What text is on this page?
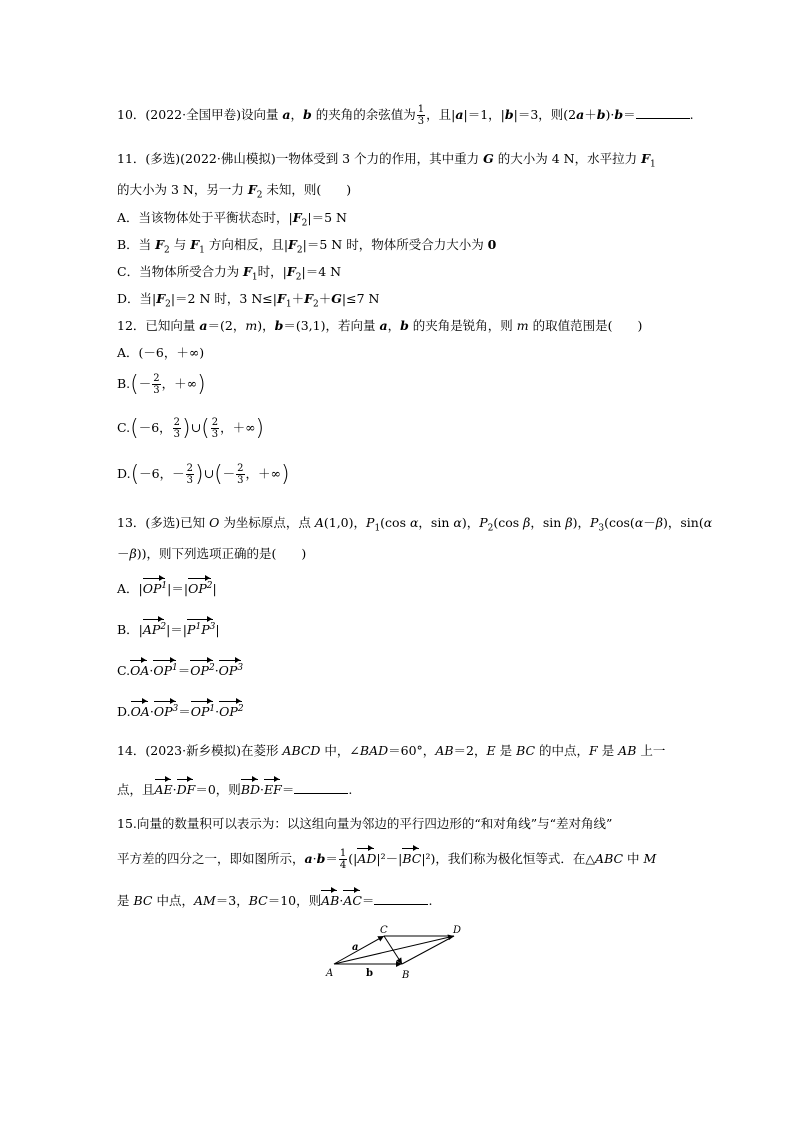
10．(2022·全国甲卷)设向量 a，b 的夹角的余弦值为 $\frac{1}{3}$ ，且|a|＝1，|b|＝3，则(2a＋b)·b＝	.
11．(多选)(2022·佛山模拟)一物体受到 3 个力的作用，其中重力 G 的大小为 4 N，水平拉力 $F_1$
的大小为 3 N，另一力 $F_2$ 未知，则(　　)
A．当该物体处于平衡状态时，$|F_2|=5$ N
B．当 $F_2$ 与 $F_1$ 方向相反，且$|F_2|=5$ N 时，物体所受合力大小为 0
C．当物体所受合力为 $F_1$时，$|F_2|=4$ N
D．当$|F_2|=2$ N 时，3 $N\le|F_1+F_2+G|\le 7$ N
12．已知向量 a＝(2，m)，b＝(3,1)，若向量 a，b 的夹角是锐角，则 m 的取值范围是(　　)
A．(－6，＋∞)
$B.(- \frac{2}{3}$ ，＋∞)
C.(－6， $\frac{2}{3}$ )∪( $\frac{2}{3}$ ，＋∞)
D.(－6，－ $\frac{2}{3}$ )∪(－ $\frac{2}{3}$ ，＋∞)
13．(多选)已知 O 为坐标原点，点 A(1,0)，$P_1(\cos$ α，sin α)，$P_2(\cos$ β，sin β)，$P_3(\cos(\alpha-\beta)$，sin(α
－β))，则下列选项正确的是(　　)
A．$|OP^1|=|OP^2|$
B．$|AP^2|=|P^1P^3|$
$C.OA\cdot OP^1=OP^2\cdot OP^3$
$D.OA\cdot OP^3=OP^1\cdot OP^2$
14．(2023·新乡模拟)在菱形 ABCD 中，∠BAD＝60°，AB＝2，E 是 BC 的中点，F 是 AB 上一
点，且AE·DF＝0，则BD·EF＝	.
15.向量的数量积可以表示为：以这组向量为邻边的平行四边形的“和对角线”与“差对角线”
平方差的四分之一，即如图所示，$a\cdot b= \frac{1}{4} (|AD|^2-|BC|^2)$，我们称为极化恒等式．在△ABC 中 M
是 BC 中点，AM＝3，BC＝10，则AB·AC＝	.
A	B
C	D
a
b
